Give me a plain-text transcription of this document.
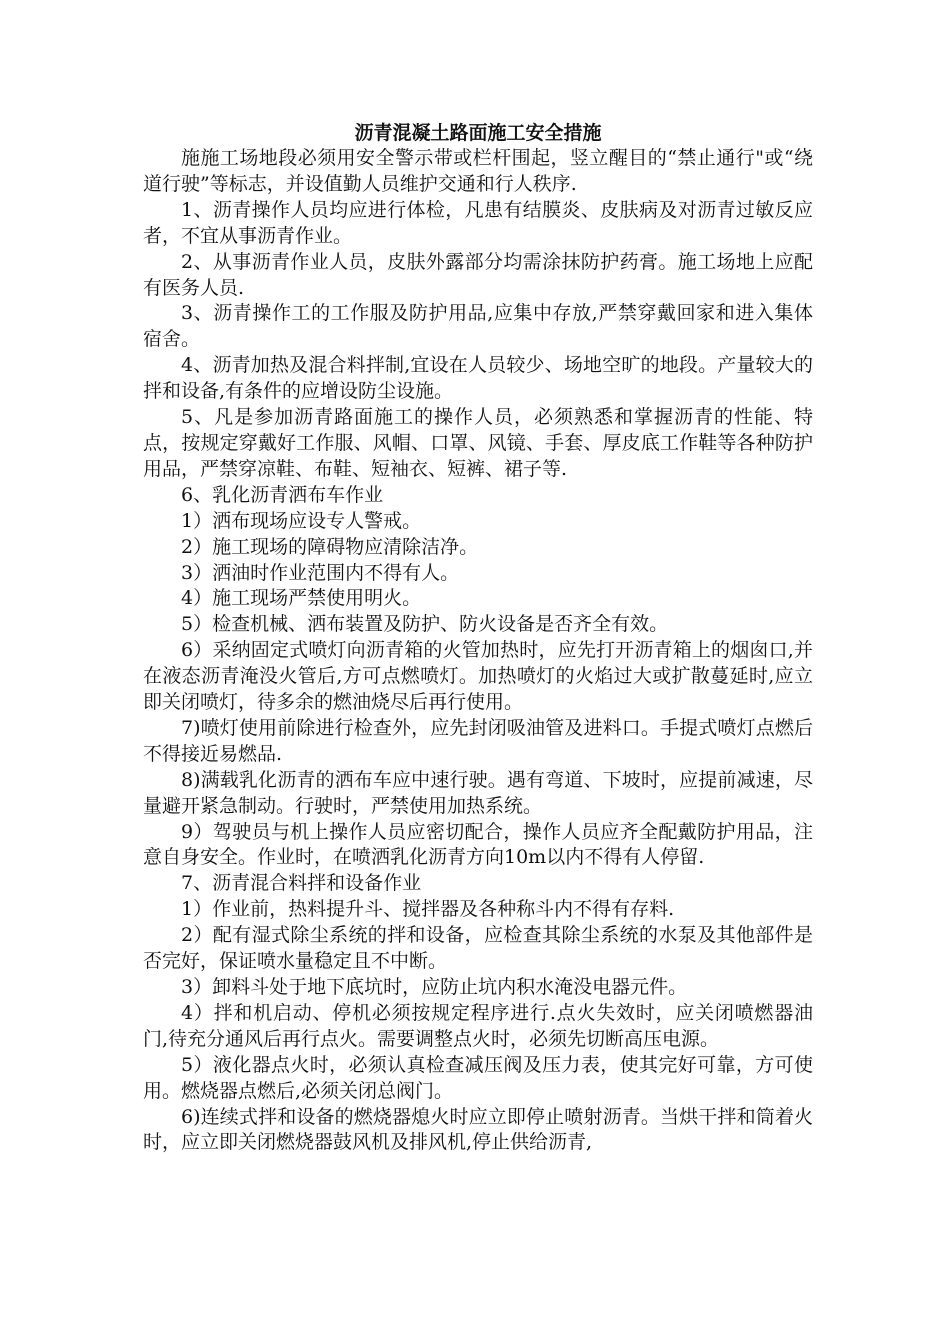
沥青混凝土路面施工安全措施

施施工场地段必须用安全警示带或栏杆围起，竖立醒目的“禁止通行"或“绕道行驶”等标志，并设值勤人员维护交通和行人秩序.

1、沥青操作人员均应进行体检，凡患有结膜炎、皮肤病及对沥青过敏反应者，不宜从事沥青作业。

2、从事沥青作业人员，皮肤外露部分均需涂抹防护药膏。施工场地上应配有医务人员.

3、沥青操作工的工作服及防护用品,应集中存放,严禁穿戴回家和进入集体宿舍。

4、沥青加热及混合料拌制,宜设在人员较少、场地空旷的地段。产量较大的拌和设备,有条件的应增设防尘设施。

5、凡是参加沥青路面施工的操作人员，必须熟悉和掌握沥青的性能、特点，按规定穿戴好工作服、风帽、口罩、风镜、手套、厚皮底工作鞋等各种防护用品，严禁穿凉鞋、布鞋、短袖衣、短裤、裙子等.

6、乳化沥青洒布车作业

1）洒布现场应设专人警戒。

2）施工现场的障碍物应清除洁净。

3）洒油时作业范围内不得有人。

4）施工现场严禁使用明火。

5）检查机械、洒布装置及防护、防火设备是否齐全有效。

6）采纳固定式喷灯向沥青箱的火管加热时，应先打开沥青箱上的烟囱口,并在液态沥青淹没火管后,方可点燃喷灯。加热喷灯的火焰过大或扩散蔓延时,应立即关闭喷灯，待多余的燃油烧尽后再行使用。

7)喷灯使用前除进行检查外，应先封闭吸油管及进料口。手提式喷灯点燃后不得接近易燃品.

8)满载乳化沥青的洒布车应中速行驶。遇有弯道、下坡时，应提前减速，尽量避开紧急制动。行驶时，严禁使用加热系统。

9）驾驶员与机上操作人员应密切配合，操作人员应齐全配戴防护用品，注意自身安全。作业时，在喷洒乳化沥青方向10m以内不得有人停留.

7、沥青混合料拌和设备作业

1）作业前，热料提升斗、搅拌器及各种称斗内不得有存料.

2）配有湿式除尘系统的拌和设备，应检查其除尘系统的水泵及其他部件是否完好，保证喷水量稳定且不中断。

3）卸料斗处于地下底坑时，应防止坑内积水淹没电器元件。

4）拌和机启动、停机必须按规定程序进行.点火失效时，应关闭喷燃器油门,待充分通风后再行点火。需要调整点火时，必须先切断高压电源。

5）液化器点火时，必须认真检查减压阀及压力表，使其完好可靠，方可使用。燃烧器点燃后,必须关闭总阀门。

6)连续式拌和设备的燃烧器熄火时应立即停止喷射沥青。当烘干拌和筒着火时，应立即关闭燃烧器鼓风机及排风机,停止供给沥青,
